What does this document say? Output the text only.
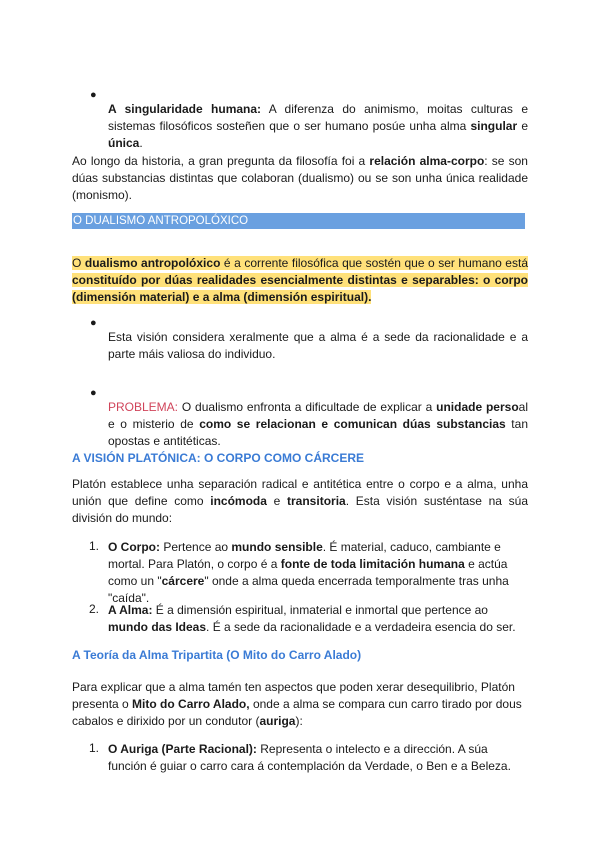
●

A singularidade humana: A diferenza do animismo, moitas culturas e sistemas filosóficos sosteñen que o ser humano posúe unha alma singular e única.

Ao longo da historia, a gran pregunta da filosofía foi a relación alma-corpo: se son dúas substancias distintas que colaboran (dualismo) ou se son unha única realidade (monismo).

O DUALISMO ANTROPOLÓXICO

O dualismo antropolóxico é a corrente filosófica que sostén que o ser humano está constituído por dúas realidades esencialmente distintas e separables: o corpo (dimensión material) e a alma (dimensión espiritual).

●

Esta visión considera xeralmente que a alma é a sede da racionalidade e a parte máis valiosa do individuo.

●

PROBLEMA: O dualismo enfronta a dificultade de explicar a unidade persoal e o misterio de como se relacionan e comunican dúas substancias tan opostas e antitéticas.

A VISIÓN PLATÓNICA: O CORPO COMO CÁRCERE

Platón establece unha separación radical e antitética entre o corpo e a alma, unha unión que define como incómoda e transitoria. Esta visión susténtase na súa división do mundo:

1. O Corpo: Pertence ao mundo sensible. É material, caduco, cambiante e mortal. Para Platón, o corpo é a fonte de toda limitación humana e actúa como un "cárcere" onde a alma queda encerrada temporalmente tras unha "caída".

2. A Alma: É a dimensión espiritual, inmaterial e inmortal que pertence ao mundo das Ideas. É a sede da racionalidade e a verdadeira esencia do ser.

A Teoría da Alma Tripartita (O Mito do Carro Alado)

Para explicar que a alma tamén ten aspectos que poden xerar desequilibrio, Platón presenta o Mito do Carro Alado, onde a alma se compara cun carro tirado por dous cabalos e dirixido por un condutor (auriga):

1. O Auriga (Parte Racional): Representa o intelecto e a dirección. A súa función é guiar o carro cara á contemplación da Verdade, o Ben e a Beleza.
